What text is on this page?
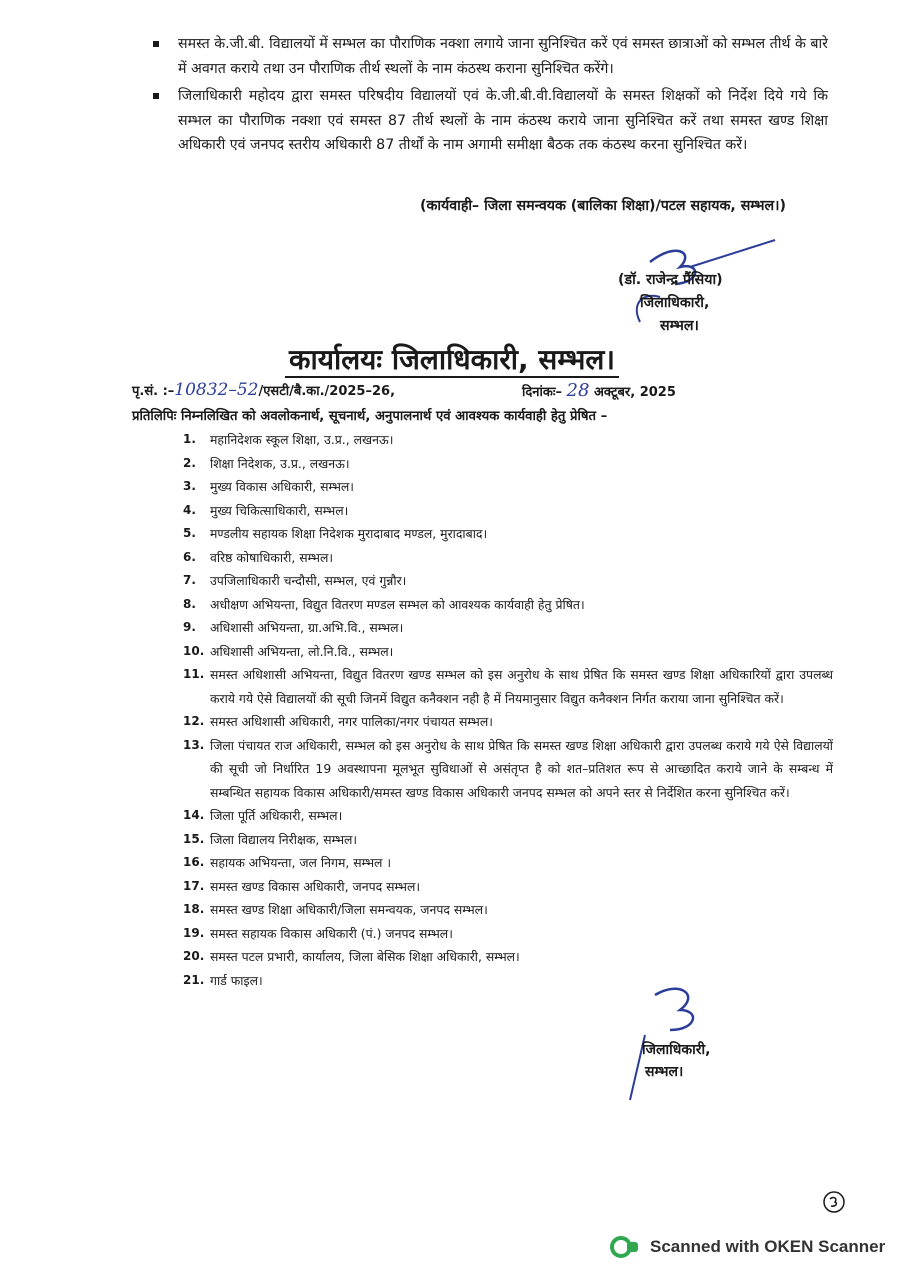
समस्त के.जी.बी. विद्यालयों में सम्भल का पौराणिक नक्शा लगाये जाना सुनिश्चित करें एवं समस्त छात्राओं को सम्भल तीर्थ के बारे में अवगत कराये तथा उन पौराणिक तीर्थ स्थलों के नाम कंठस्थ कराना सुनिश्चित करेंगे।
जिलाधिकारी महोदय द्वारा समस्त परिषदीय विद्यालयों एवं के.जी.बी.वी.विद्यालयों के समस्त शिक्षकों को निर्देश दिये गये कि सम्भल का पौराणिक नक्शा एवं समस्त 87 तीर्थ स्थलों के नाम कंठस्थ कराये जाना सुनिश्चित करें तथा समस्त खण्ड शिक्षा अधिकारी एवं जनपद स्तरीय अधिकारी 87 तीर्थों के नाम अगामी समीक्षा बैठक तक कंठस्थ करना सुनिश्चित करें।
(कार्यवाही– जिला समन्वयक (बालिका शिक्षा)/पटल सहायक, सम्भल।)
(डॉ. राजेन्द्र पैंसिया)
जिलाधिकारी,
सम्भल।
कार्यालयः जिलाधिकारी, सम्भल।
पृ.सं. :–10832–52/एसटी/बै.का./2025–26,	दिनांकः– 28 अक्टूबर, 2025
प्रतिलिपिः निम्नलिखित को अवलोकनार्थ, सूचनार्थ, अनुपालनार्थ एवं आवश्यक कार्यवाही हेतु प्रेषित –
1. महानिदेशक स्कूल शिक्षा, उ.प्र., लखनऊ।
2. शिक्षा निदेशक, उ.प्र., लखनऊ।
3. मुख्य विकास अधिकारी, सम्भल।
4. मुख्य चिकित्साधिकारी, सम्भल।
5. मण्डलीय सहायक शिक्षा निदेशक मुरादाबाद मण्डल, मुरादाबाद।
6. वरिष्ठ कोषाधिकारी, सम्भल।
7. उपजिलाधिकारी चन्दौसी, सम्भल, एवं गुन्नौर।
8. अधीक्षण अभियन्ता, विद्युत वितरण मण्डल सम्भल को आवश्यक कार्यवाही हेतु प्रेषित।
9. अधिशासी अभियन्ता, ग्रा.अभि.वि., सम्भल।
10. अधिशासी अभियन्ता, लो.नि.वि., सम्भल।
11. समस्त अधिशासी अभियन्ता, विद्युत वितरण खण्ड सम्भल को इस अनुरोध के साथ प्रेषित कि समस्त खण्ड शिक्षा अधिकारियों द्वारा उपलब्ध कराये गये ऐसे विद्यालयों की सूची जिनमें विद्युत कनैक्शन नही है में नियमानुसार विद्युत कनैक्शन निर्गत कराया जाना सुनिश्चित करें।
12. समस्त अधिशासी अधिकारी, नगर पालिका/नगर पंचायत सम्भल।
13. जिला पंचायत राज अधिकारी, सम्भल को इस अनुरोध के साथ प्रेषित कि समस्त खण्ड शिक्षा अधिकारी द्वारा उपलब्ध कराये गये ऐसे विद्यालयों की सूची जो निर्धारित 19 अवस्थापना मूलभूत सुविधाओं से असंतृप्त है को शत–प्रतिशत रूप से आच्छादित कराये जाने के सम्बन्ध में सम्बन्धित सहायक विकास अधिकारी/समस्त खण्ड विकास अधिकारी जनपद सम्भल को अपने स्तर से निर्देशित करना सुनिश्चित करें।
14. जिला पूर्ति अधिकारी, सम्भल।
15. जिला विद्यालय निरीक्षक, सम्भल।
16. सहायक अभियन्ता, जल निगम, सम्भल ।
17. समस्त खण्ड विकास अधिकारी, जनपद सम्भल।
18. समस्त खण्ड शिक्षा अधिकारी/जिला समन्वयक, जनपद सम्भल।
19. समस्त सहायक विकास अधिकारी (पं.) जनपद सम्भल।
20. समस्त पटल प्रभारी, कार्यालय, जिला बेसिक शिक्षा अधिकारी, सम्भल।
21. गार्ड फाइल।
जिलाधिकारी,
सम्भल।
Scanned with OKEN Scanner
